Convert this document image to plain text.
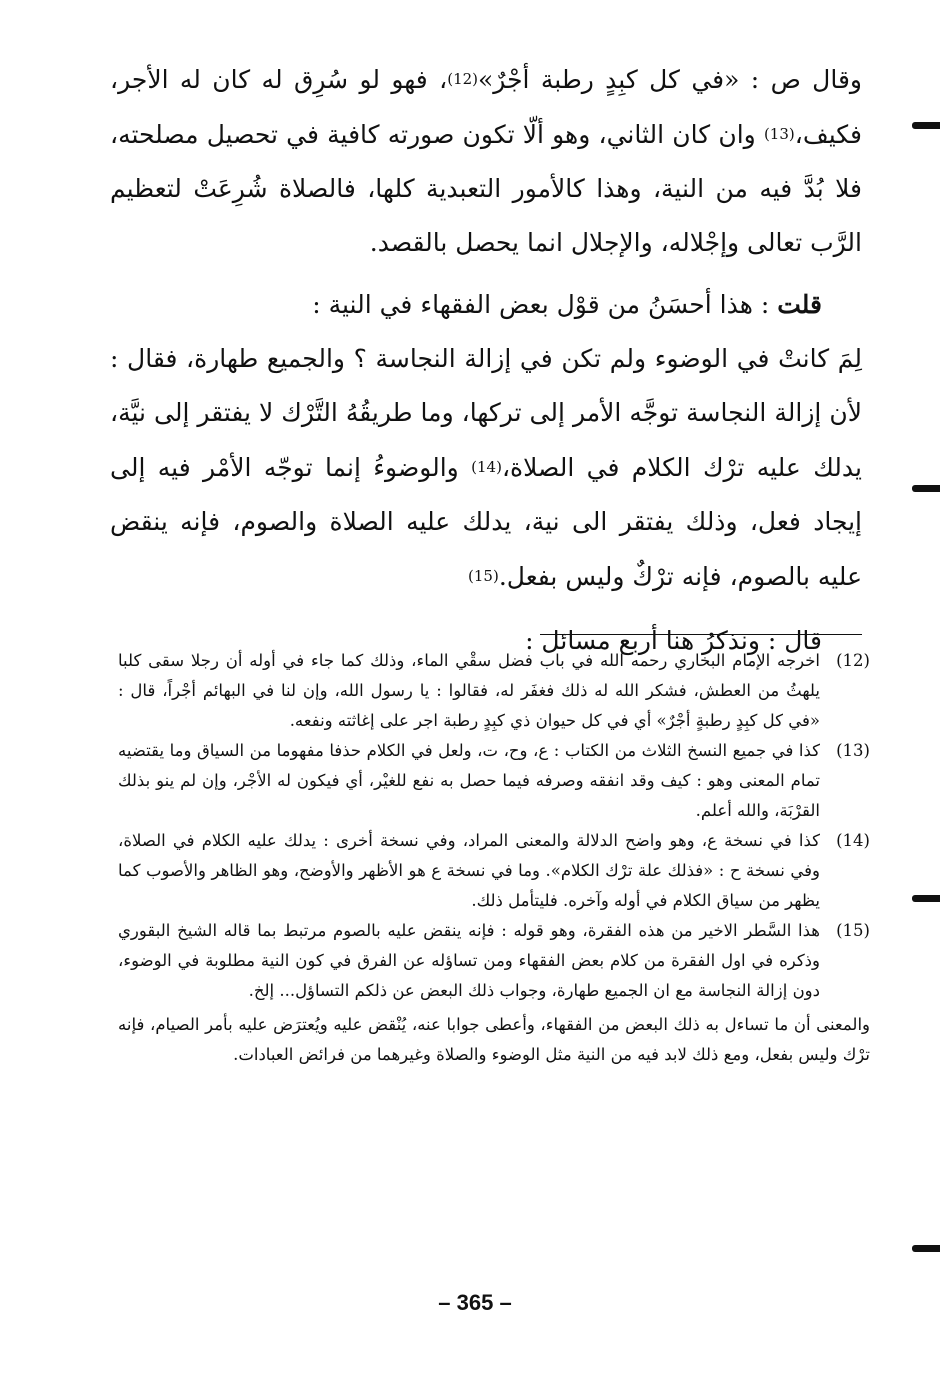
وقال ص : «في كل كبِدٍ رطبة أجْرٌ»$^{(12)}$، فهو لو سُرِق له كان له الأجر، فكيف،$^{(13)}$ وان كان الثاني، وهو ألّا تكون صورته كافية في تحصيل مصلحته، فلا بُدَّ فيه من النية، وهذا كالأمور التعبدية كلها، فالصلاة شُرِعَتْ لتعظيم الرَّب تعالى وإجْلاله، والإجلال انما يحصل بالقصد.

قلت : هذا أحسَنُ من قوْل بعض الفقهاء في النية :

لِمَ كانتْ في الوضوء ولم تكن في إزالة النجاسة ؟ والجميع طهارة، فقال : لأن إزالة النجاسة توجَّه الأمر إلى تركها، وما طريقُهُ التَّرْك لا يفتقر إلى نيَّة، يدلك عليه ترْك الكلام في الصلاة،$^{(14)}$ والوضوءُ إنما توجّه الأمْر فيه إلى إيجاد فعل، وذلك يفتقر الى نية، يدلك عليه الصلاة والصوم، فإنه ينقض عليه بالصوم، فإنه ترْكٌ وليس بفعل.$^{(15)}$

قال : ونذكرُ هنا أربع مسائل :

(12)
اخرجه الإمام البخاري رحمه الله في باب فضل سقْي الماء، وذلك كما جاء في أوله أن رجلا سقى كلبا يلهثُ من العطش، فشكر الله له ذلك فغفَر له، فقالوا : يا رسول الله، وإن لنا في البهائم أجْراً، قال : «في كل كبِدٍ رطبةٍ أجْرٌ» أي في كل حيوان ذي كبِدٍ رطبة اجر على إغاثته ونفعه.

(13)
كذا في جميع النسخ الثلاث من الكتاب : ع، وح، ت، ولعل في الكلام حذفا مفهوما من السياق وما يقتضيه تمام المعنى وهو : كيف وقد انفقه وصرفه فيما حصل به نفع للغيْر، أي فيكون له الأجْر، وإن لم ينو بذلك القرْبَة، والله أعلم.

(14)
كذا في نسخة ع، وهو واضح الدلالة والمعنى المراد، وفي نسخة أخرى : يدلك عليه الكلام في الصلاة، وفي نسخة ح : «فذلك علة ترْك الكلام». وما في نسخة ع هو الأظهر والأوضح، وهو الظاهر والأصوب كما يظهر من سياق الكلام في أوله وآخره. فليتأمل ذلك.

(15)
هذا السَّطر الاخير من هذه الفقرة، وهو قوله : فإنه ينقض عليه بالصوم مرتبط بما قاله الشيخ البقوري وذكره في اول الفقرة من كلام بعض الفقهاء ومن تساؤله عن الفرق في كون النية مطلوبة في الوضوء، دون إزالة النجاسة مع ان الجميع طهارة، وجواب ذلك البعض عن ذلكم التساؤل... إلخ.

والمعنى أن ما تساءل به ذلك البعض من الفقهاء، وأعطى جوابا عنه، يُنْقض عليه ويُعترَض عليه بأمر الصيام، فإنه ترْك وليس بفعل، ومع ذلك لابد فيه من النية مثل الوضوء والصلاة وغيرهما من فرائض العبادات.

– 365 –
